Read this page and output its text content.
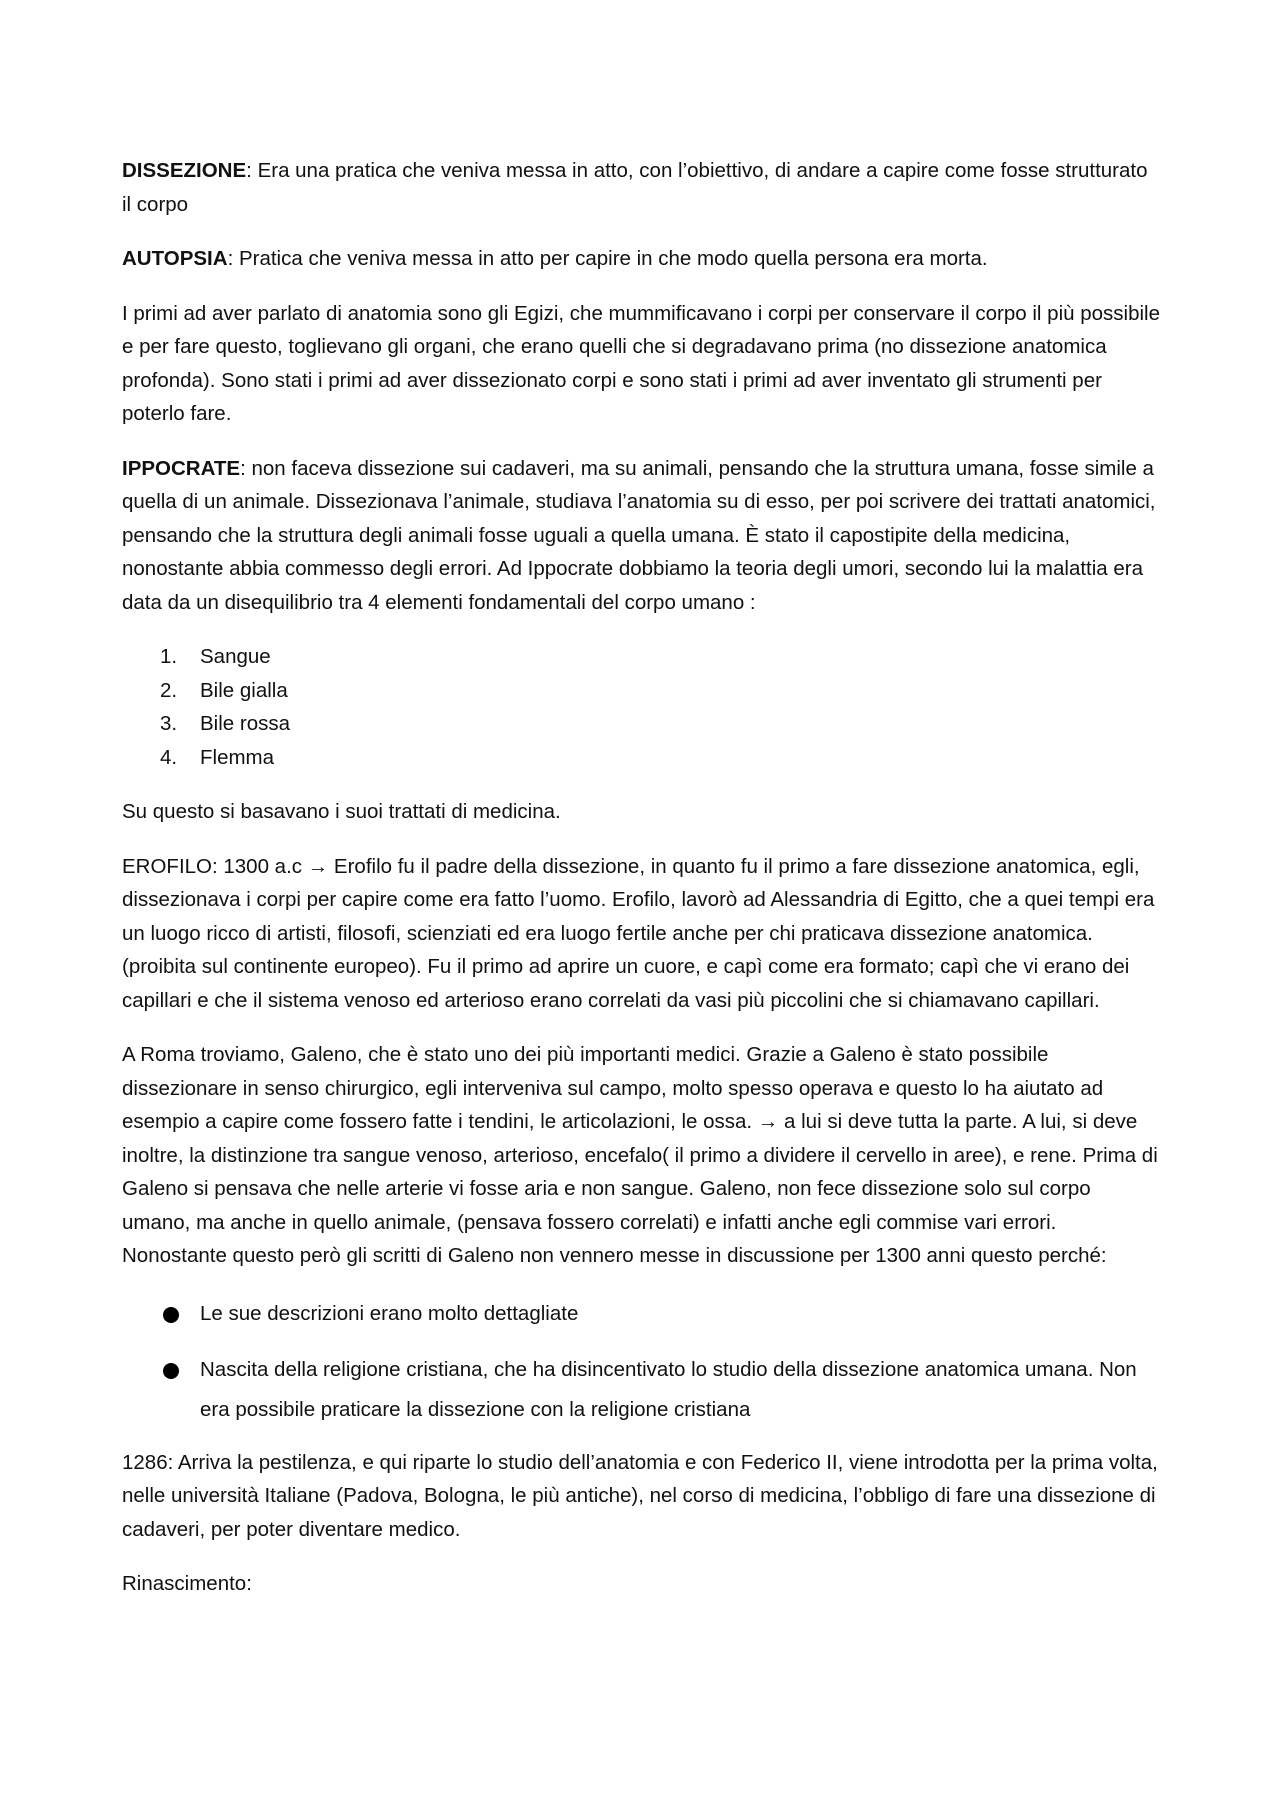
DISSEZIONE: Era una pratica che veniva messa in atto, con l’obiettivo, di andare a capire come fosse strutturato il corpo

AUTOPSIA: Pratica che veniva messa in atto per capire in che modo quella persona era morta.

I primi ad aver parlato di anatomia sono gli Egizi, che mummificavano i corpi per conservare il corpo il più possibile e per fare questo, toglievano gli organi, che erano quelli che si degradavano prima (no dissezione anatomica profonda). Sono stati i primi ad aver dissezionato corpi e sono stati i primi ad aver inventato gli strumenti per poterlo fare.

IPPOCRATE: non faceva dissezione sui cadaveri, ma su animali, pensando che la struttura umana, fosse simile a quella di un animale. Dissezionava l’animale, studiava l’anatomia su di esso, per poi scrivere dei trattati anatomici, pensando che la struttura degli animali fosse uguali a quella umana. È stato il capostipite della medicina, nonostante abbia commesso degli errori. Ad Ippocrate dobbiamo la teoria degli umori, secondo lui la malattia era data da un disequilibrio tra 4 elementi fondamentali del corpo umano :

1. Sangue
2. Bile gialla
3. Bile rossa
4. Flemma

Su questo si basavano i suoi trattati di medicina.

EROFILO: 1300 a.c → Erofilo fu il padre della dissezione, in quanto fu il primo a fare dissezione anatomica, egli, dissezionava i corpi per capire come era fatto l’uomo. Erofilo, lavorò ad Alessandria di Egitto, che a quei tempi era un luogo ricco di artisti, filosofi, scienziati ed era luogo fertile anche per chi praticava dissezione anatomica. (proibita sul continente europeo). Fu il primo ad aprire un cuore, e capì come era formato; capì che vi erano dei capillari e che il sistema venoso ed arterioso erano correlati da vasi più piccolini che si chiamavano capillari.

A Roma troviamo, Galeno, che è stato uno dei più importanti medici. Grazie a Galeno è stato possibile dissezionare in senso chirurgico, egli interveniva sul campo, molto spesso operava e questo lo ha aiutato ad esempio a capire come fossero fatte i tendini, le articolazioni, le ossa. → a lui si deve tutta la parte. A lui, si deve inoltre, la distinzione tra sangue venoso, arterioso, encefalo( il primo a dividere il cervello in aree), e rene. Prima di Galeno si pensava che nelle arterie vi fosse aria e non sangue. Galeno, non fece dissezione solo sul corpo umano, ma anche in quello animale, (pensava fossero correlati) e infatti anche egli commise vari errori. Nonostante questo però gli scritti di Galeno non vennero messe in discussione per 1300 anni questo perché:

Le sue descrizioni erano molto dettagliate
Nascita della religione cristiana, che ha disincentivato lo studio della dissezione anatomica umana. Non era possibile praticare la dissezione con la religione cristiana

1286: Arriva la pestilenza, e qui riparte lo studio dell’anatomia e con Federico II, viene introdotta per la prima volta, nelle università Italiane (Padova, Bologna, le più antiche), nel corso di medicina, l’obbligo di fare una dissezione di cadaveri, per poter diventare medico.

Rinascimento:
